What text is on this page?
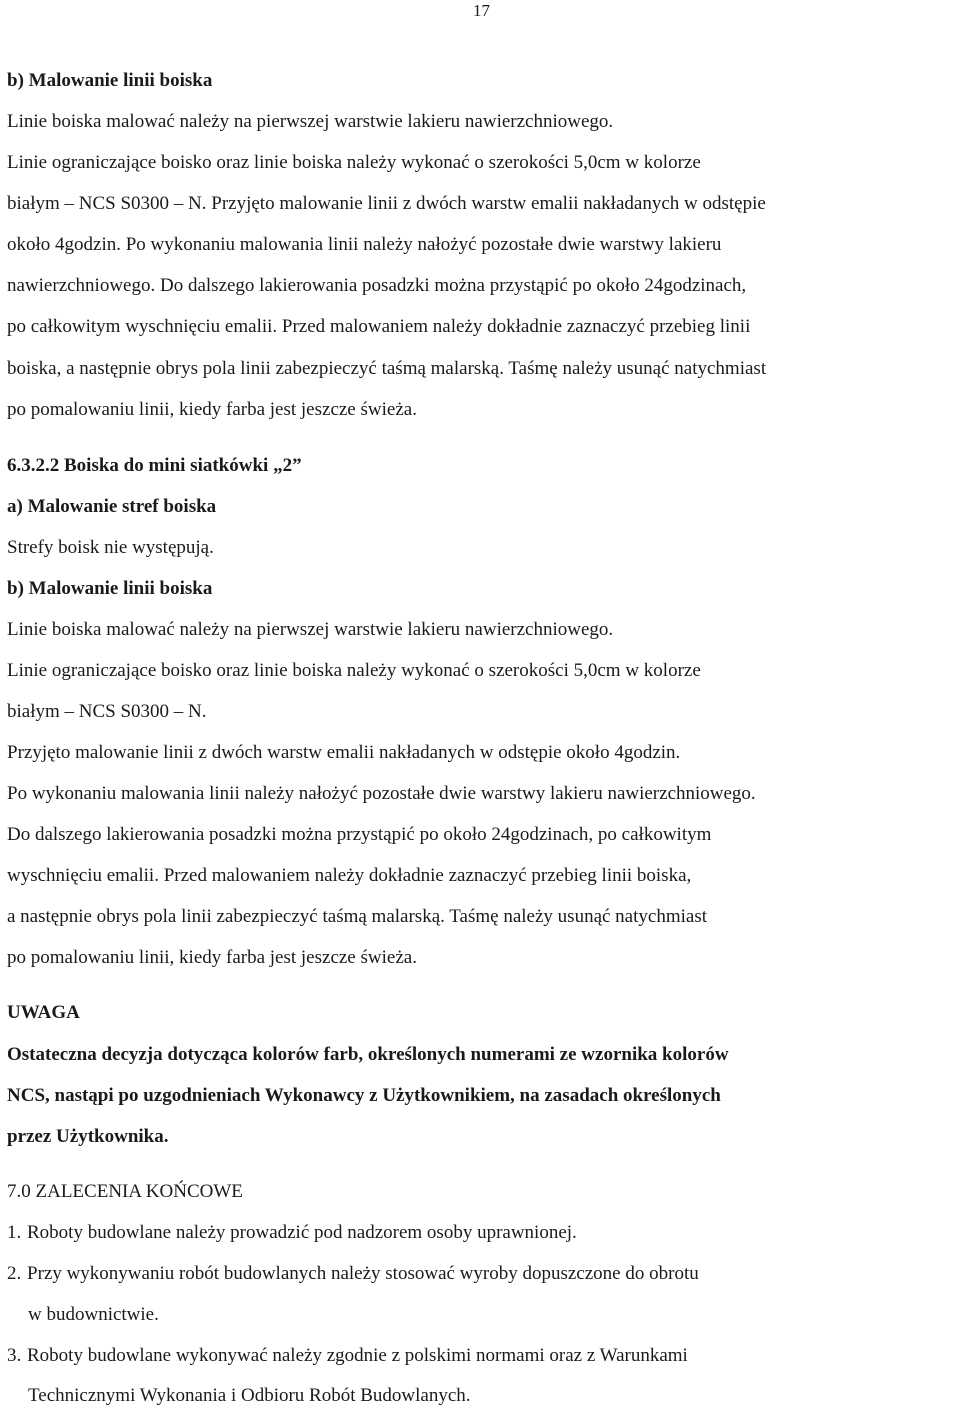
17
b) Malowanie linii boiska
Linie boiska malować należy na pierwszej warstwie lakieru nawierzchniowego.
Linie ograniczające boisko oraz linie boiska należy wykonać o szerokości 5,0cm w kolorze
białym – NCS S0300 – N. Przyjęto malowanie linii z dwóch warstw emalii nakładanych w odstępie
około 4godzin. Po wykonaniu malowania linii należy nałożyć pozostałe dwie warstwy lakieru
nawierzchniowego. Do dalszego lakierowania posadzki można przystąpić po około 24godzinach,
po całkowitym wyschnięciu emalii. Przed malowaniem należy dokładnie zaznaczyć przebieg linii
boiska, a następnie obrys pola linii zabezpieczyć taśmą malarską. Taśmę należy usunąć natychmiast
po pomalowaniu linii, kiedy farba jest jeszcze świeża.
6.3.2.2 Boiska do mini siatkówki „2”
a) Malowanie stref boiska
Strefy boisk nie występują.
b) Malowanie linii boiska
Linie boiska malować należy na pierwszej warstwie lakieru nawierzchniowego.
Linie ograniczające boisko oraz linie boiska należy wykonać o szerokości 5,0cm w kolorze
białym – NCS S0300 – N.
Przyjęto malowanie linii z dwóch warstw emalii nakładanych w odstępie około 4godzin.
Po wykonaniu malowania linii należy nałożyć pozostałe dwie warstwy lakieru nawierzchniowego.
Do dalszego lakierowania posadzki można przystąpić po około 24godzinach, po całkowitym
wyschnięciu emalii. Przed malowaniem należy dokładnie zaznaczyć przebieg linii boiska,
a następnie obrys pola linii zabezpieczyć taśmą malarską. Taśmę należy usunąć natychmiast
po pomalowaniu linii, kiedy farba jest jeszcze świeża.
UWAGA
Ostateczna decyzja dotycząca kolorów farb, określonych numerami ze wzornika kolorów
NCS, nastąpi po uzgodnieniach Wykonawcy z Użytkownikiem, na zasadach określonych
przez Użytkownika.
7.0 ZALECENIA KOŃCOWE
1. Roboty budowlane należy prowadzić pod nadzorem osoby uprawnionej.
2. Przy wykonywaniu robót budowlanych należy stosować wyroby dopuszczone do obrotu
w budownictwie.
3. Roboty budowlane wykonywać należy zgodnie z polskimi normami oraz z Warunkami
Technicznymi Wykonania i Odbioru Robót Budowlanych.
